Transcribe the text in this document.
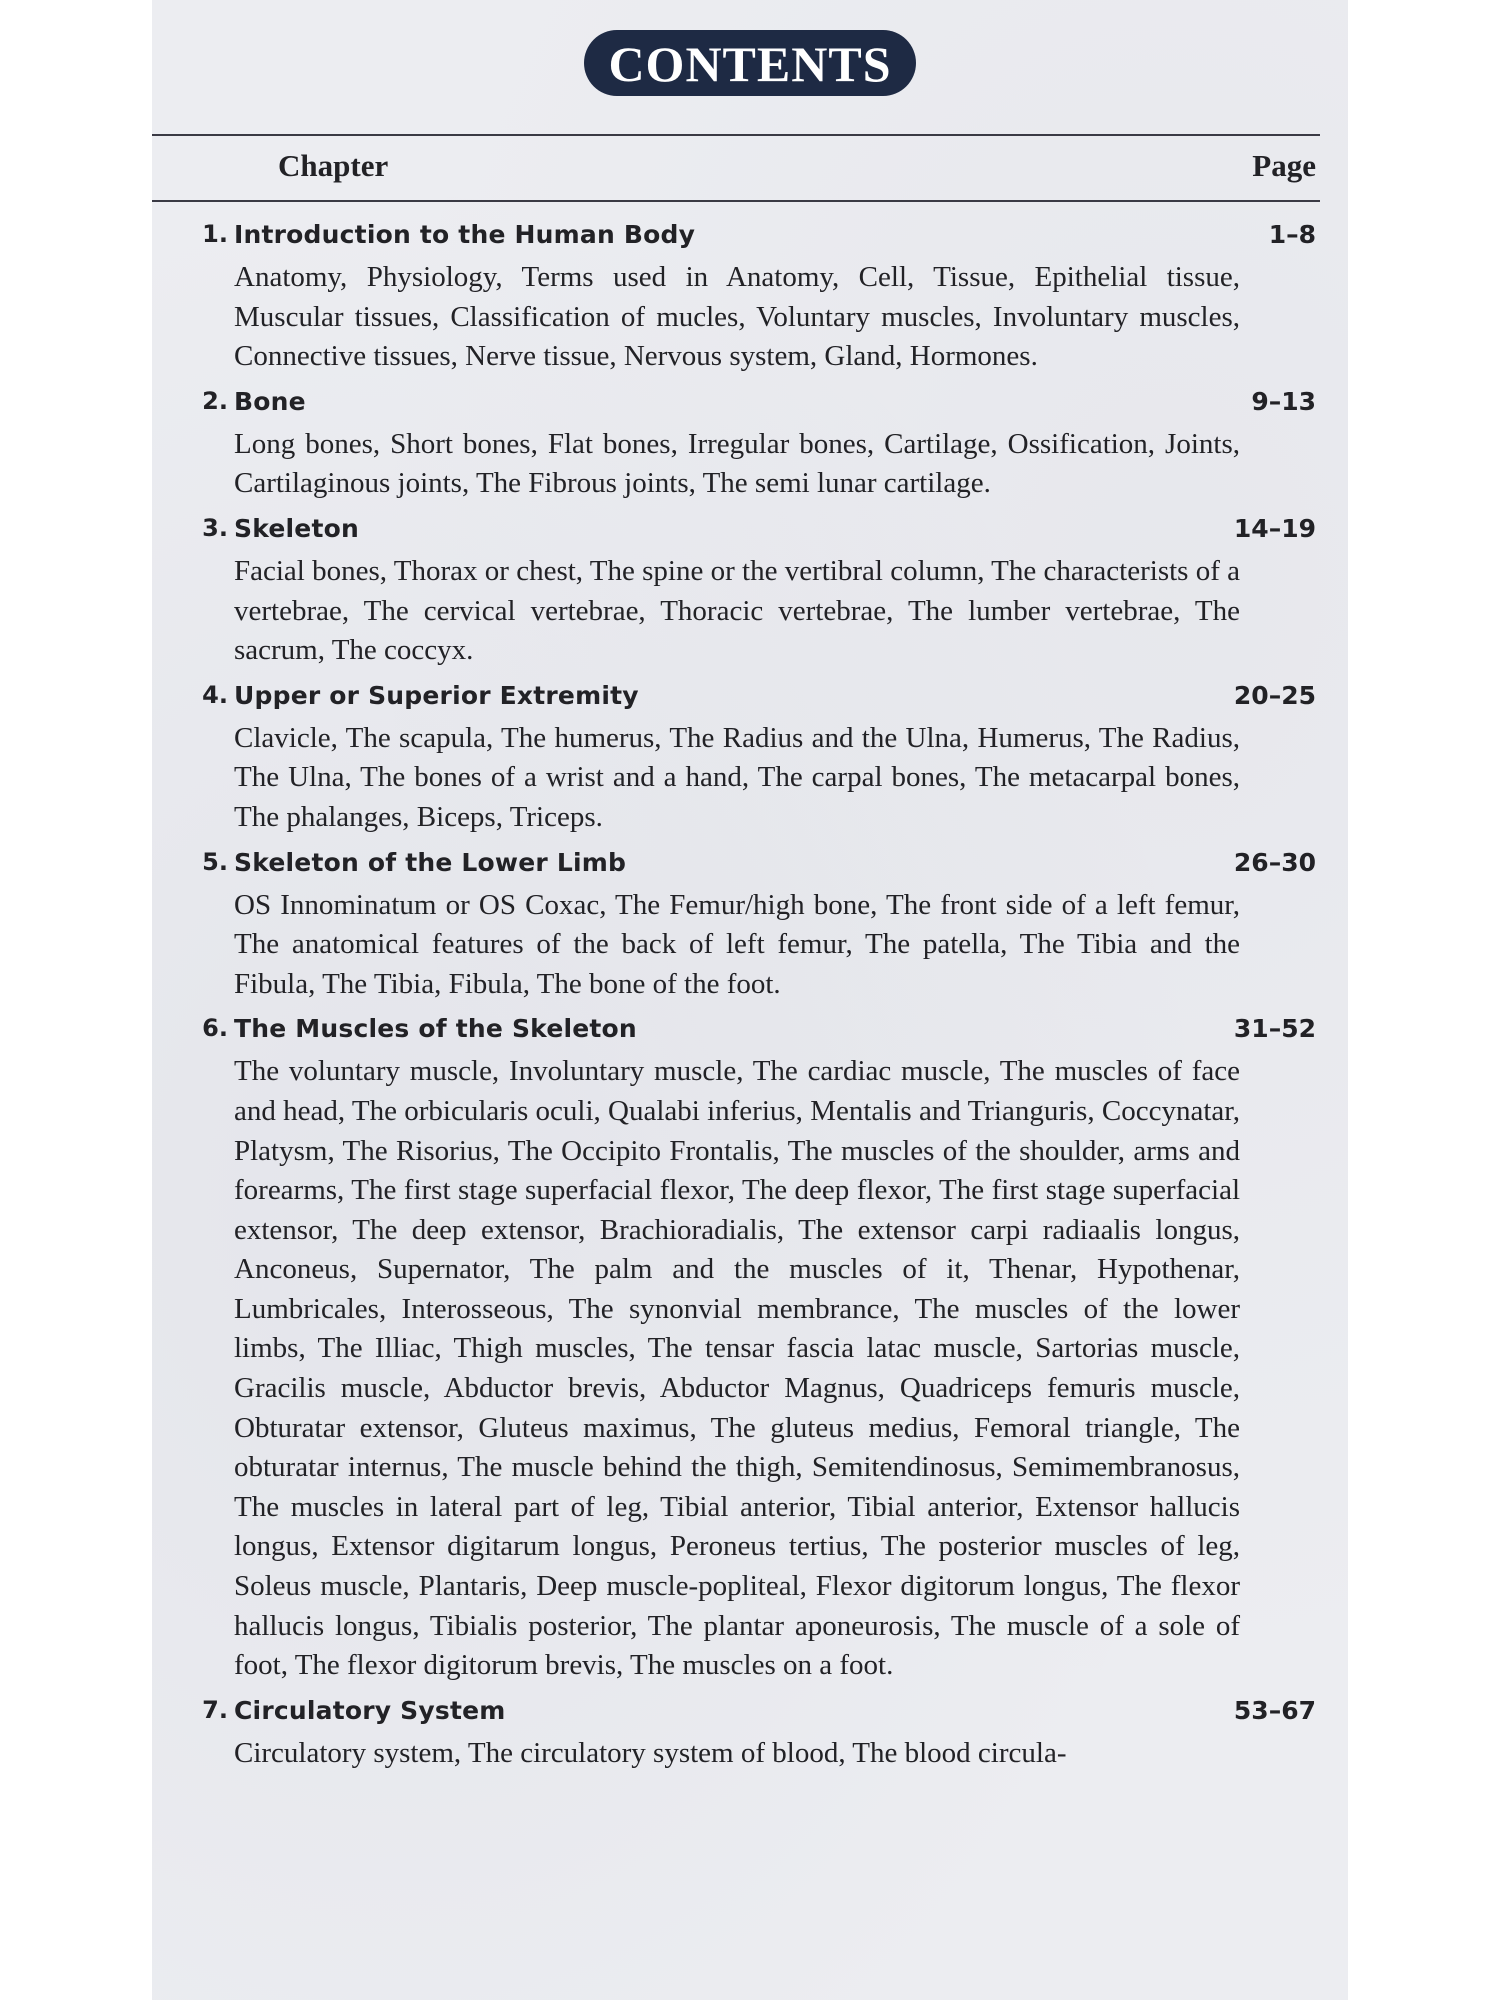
CONTENTS
Chapter	Page
1. Introduction to the Human Body	1–8
Anatomy, Physiology, Terms used in Anatomy, Cell, Tissue, Epithelial tissue, Muscular tissues, Classification of mucles, Voluntary muscles, Involuntary muscles, Connective tissues, Nerve tissue, Nervous system, Gland, Hormones.
2. Bone	9–13
Long bones, Short bones, Flat bones, Irregular bones, Cartilage, Ossification, Joints, Cartilaginous joints, The Fibrous joints, The semi lunar cartilage.
3. Skeleton	14–19
Facial bones, Thorax or chest, The spine or the vertibral column, The characterists of a vertebrae, The cervical vertebrae, Thoracic vertebrae, The lumber vertebrae, The sacrum, The coccyx.
4. Upper or Superior Extremity	20–25
Clavicle, The scapula, The humerus, The Radius and the Ulna, Humerus, The Radius, The Ulna, The bones of a wrist and a hand, The carpal bones, The metacarpal bones, The phalanges, Biceps, Triceps.
5. Skeleton of the Lower Limb	26–30
OS Innominatum or OS Coxac, The Femur/high bone, The front side of a left femur, The anatomical features of the back of left femur, The patella, The Tibia and the Fibula, The Tibia, Fibula, The bone of the foot.
6. The Muscles of the Skeleton	31–52
The voluntary muscle, Involuntary muscle, The cardiac muscle, The muscles of face and head, The orbicularis oculi, Qualabi inferius, Mentalis and Trianguris, Coccynatar, Platysm, The Risorius, The Occipito Frontalis, The muscles of the shoulder, arms and forearms, The first stage superfacial flexor, The deep flexor, The first stage superfacial extensor, The deep extensor, Brachioradialis, The extensor carpi radiaalis longus, Anconeus, Supernator, The palm and the muscles of it, Thenar, Hypothenar, Lumbricales, Interosseous, The synonvial membrance, The muscles of the lower limbs, The Illiac, Thigh muscles, The tensar fascia latac muscle, Sartorias muscle, Gracilis muscle, Abductor brevis, Abductor Magnus, Quadriceps femuris muscle, Obturatar extensor, Gluteus maximus, The gluteus medius, Femoral triangle, The obturatar internus, The muscle behind the thigh, Semitendinosus, Semimembranosus, The muscles in lateral part of leg, Tibial anterior, Tibial anterior, Extensor hallucis longus, Extensor digitarum longus, Peroneus tertius, The posterior muscles of leg, Soleus muscle, Plantaris, Deep muscle-popliteal, Flexor digitorum longus, The flexor hallucis longus, Tibialis posterior, The plantar aponeurosis, The muscle of a sole of foot, The flexor digitorum brevis, The muscles on a foot.
7. Circulatory System	53–67
Circulatory system, The circulatory system of blood, The blood circula-
